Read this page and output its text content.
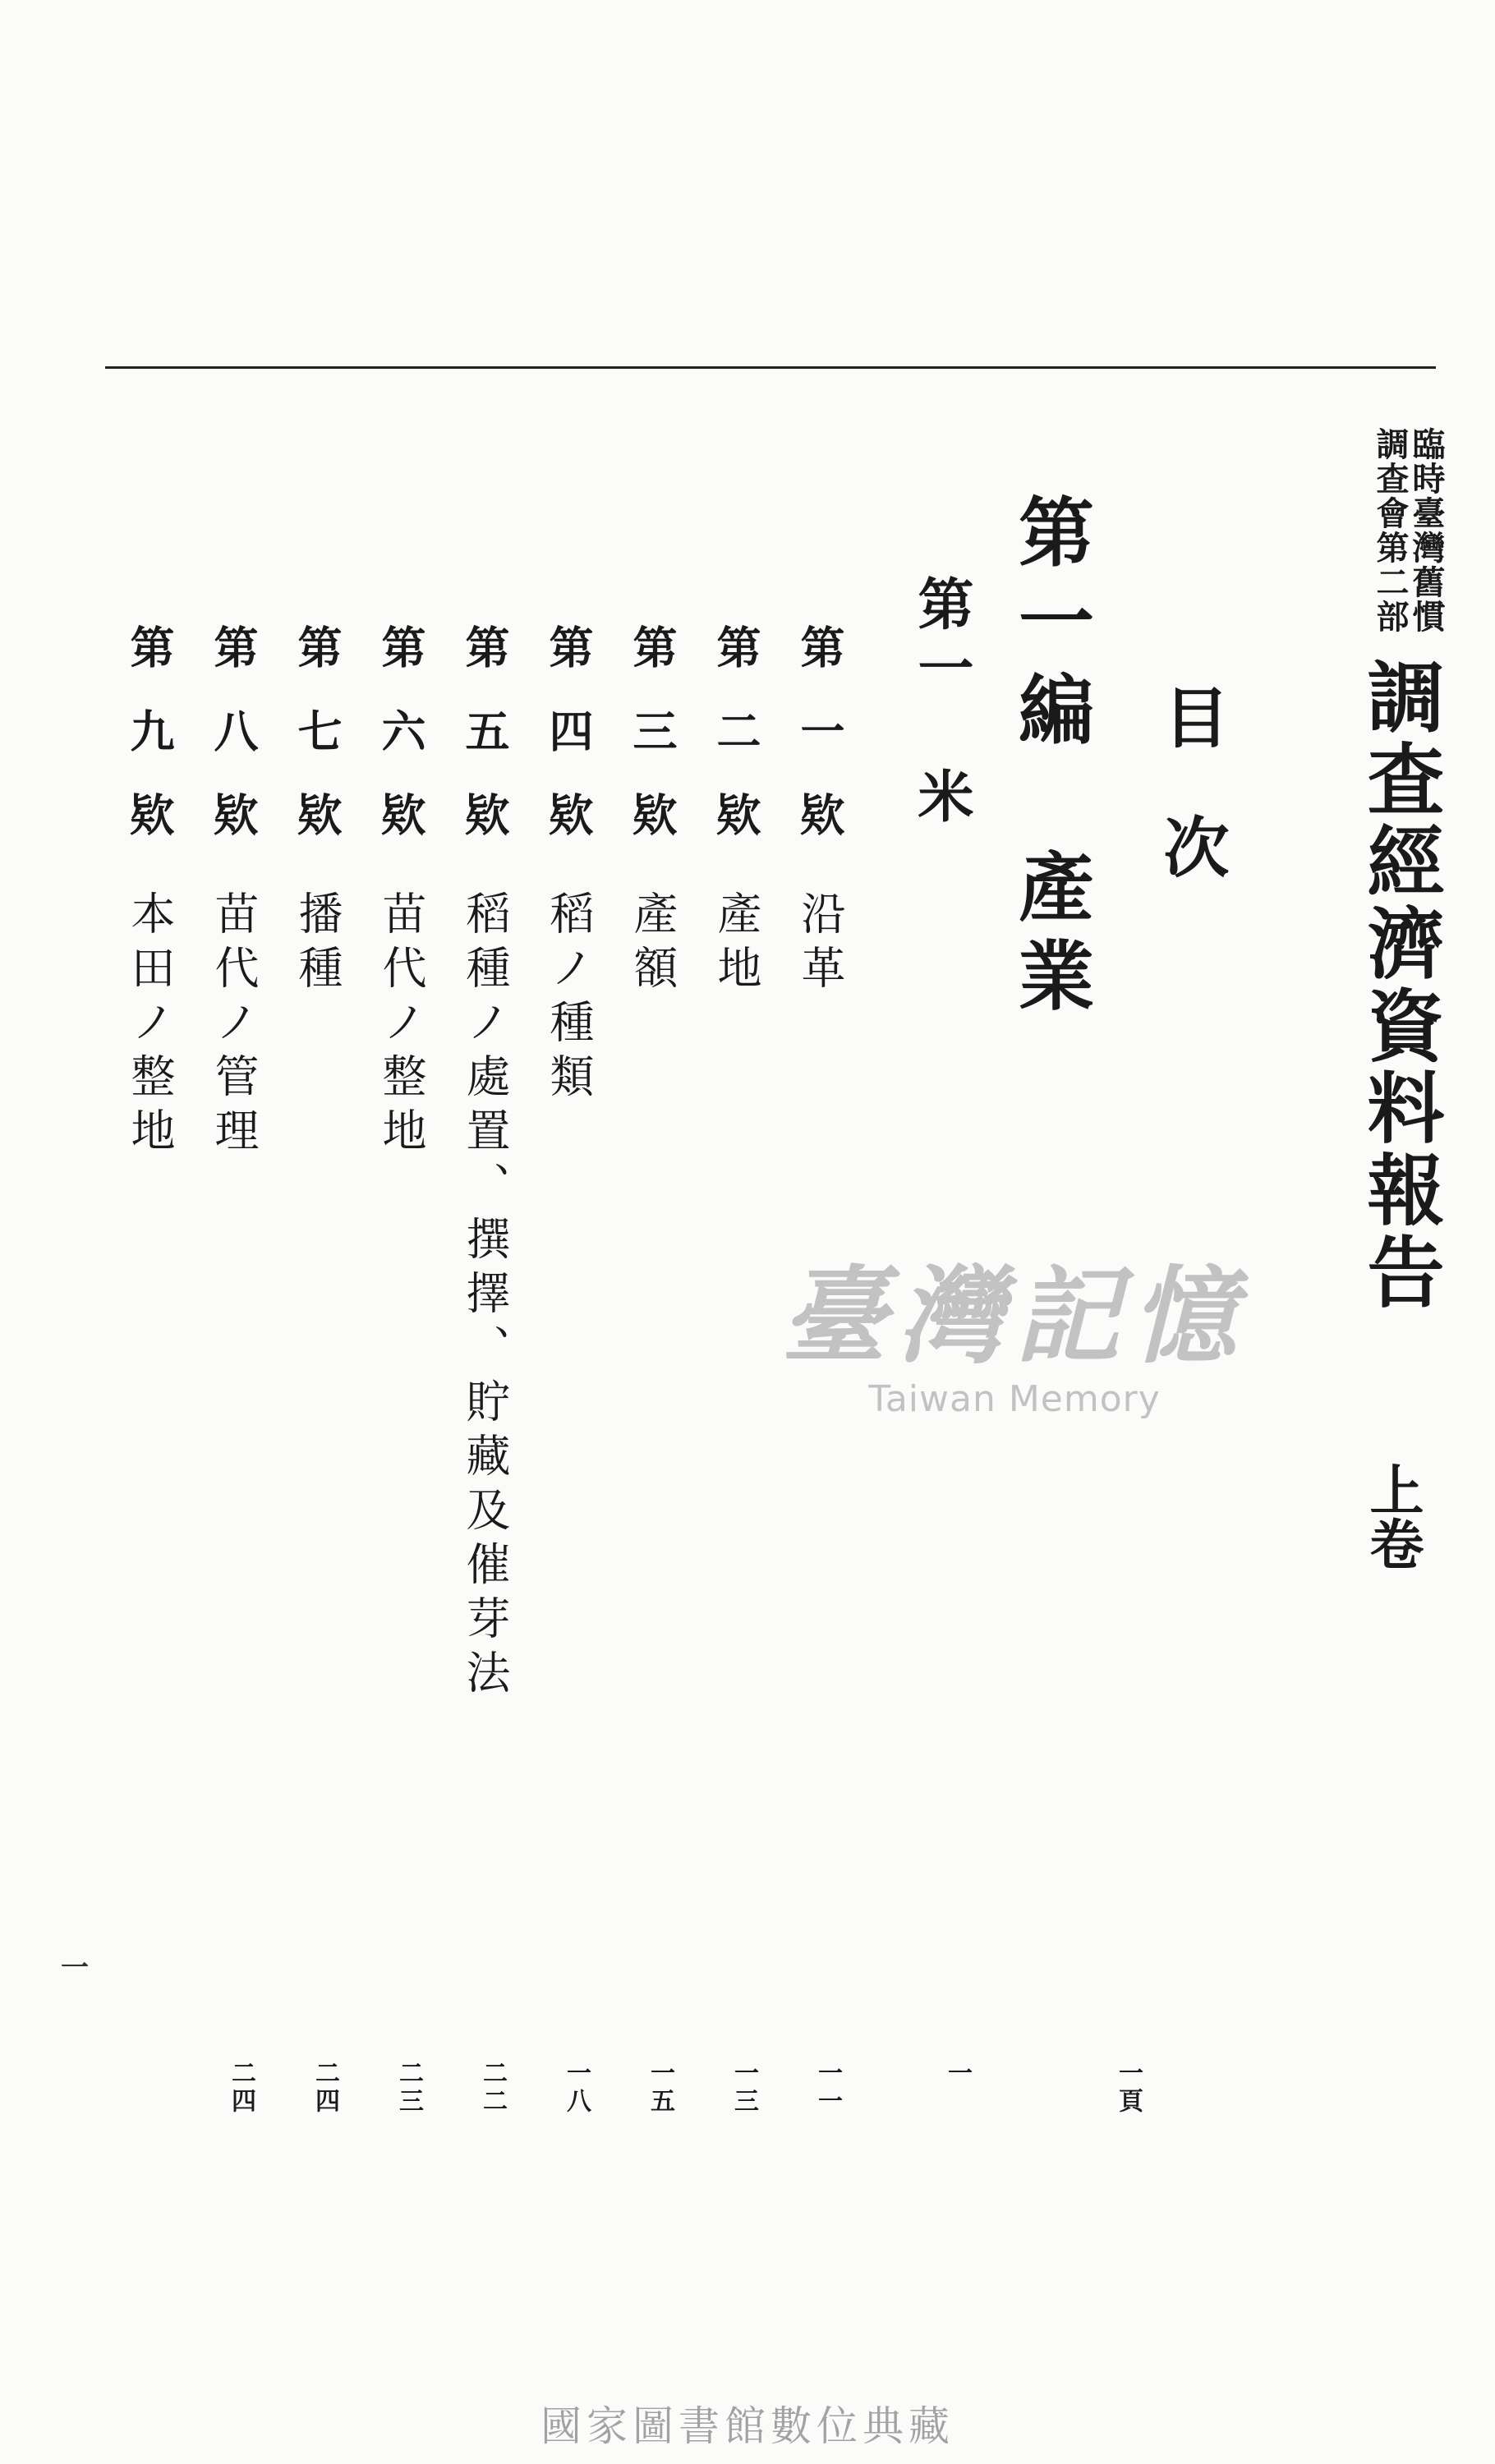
臨時臺灣舊慣
調查會第二部
調査經濟資料報告
上卷
目次
第一編　產業
第一　米
第一欵沿革
第二欵產地
第三欵產額
第四欵稻ノ種類
第五欵稻種ノ處置、撰擇、貯藏及催芽法
第六欵苗代ノ整地
第七欵播種
第八欵苗代ノ管理
第九欵本田ノ整地
一頁
一
一一
一三
一五
一八
二二
二三
二四
二四
一
臺灣記憶
Taiwan Memory
國家圖書館數位典藏
